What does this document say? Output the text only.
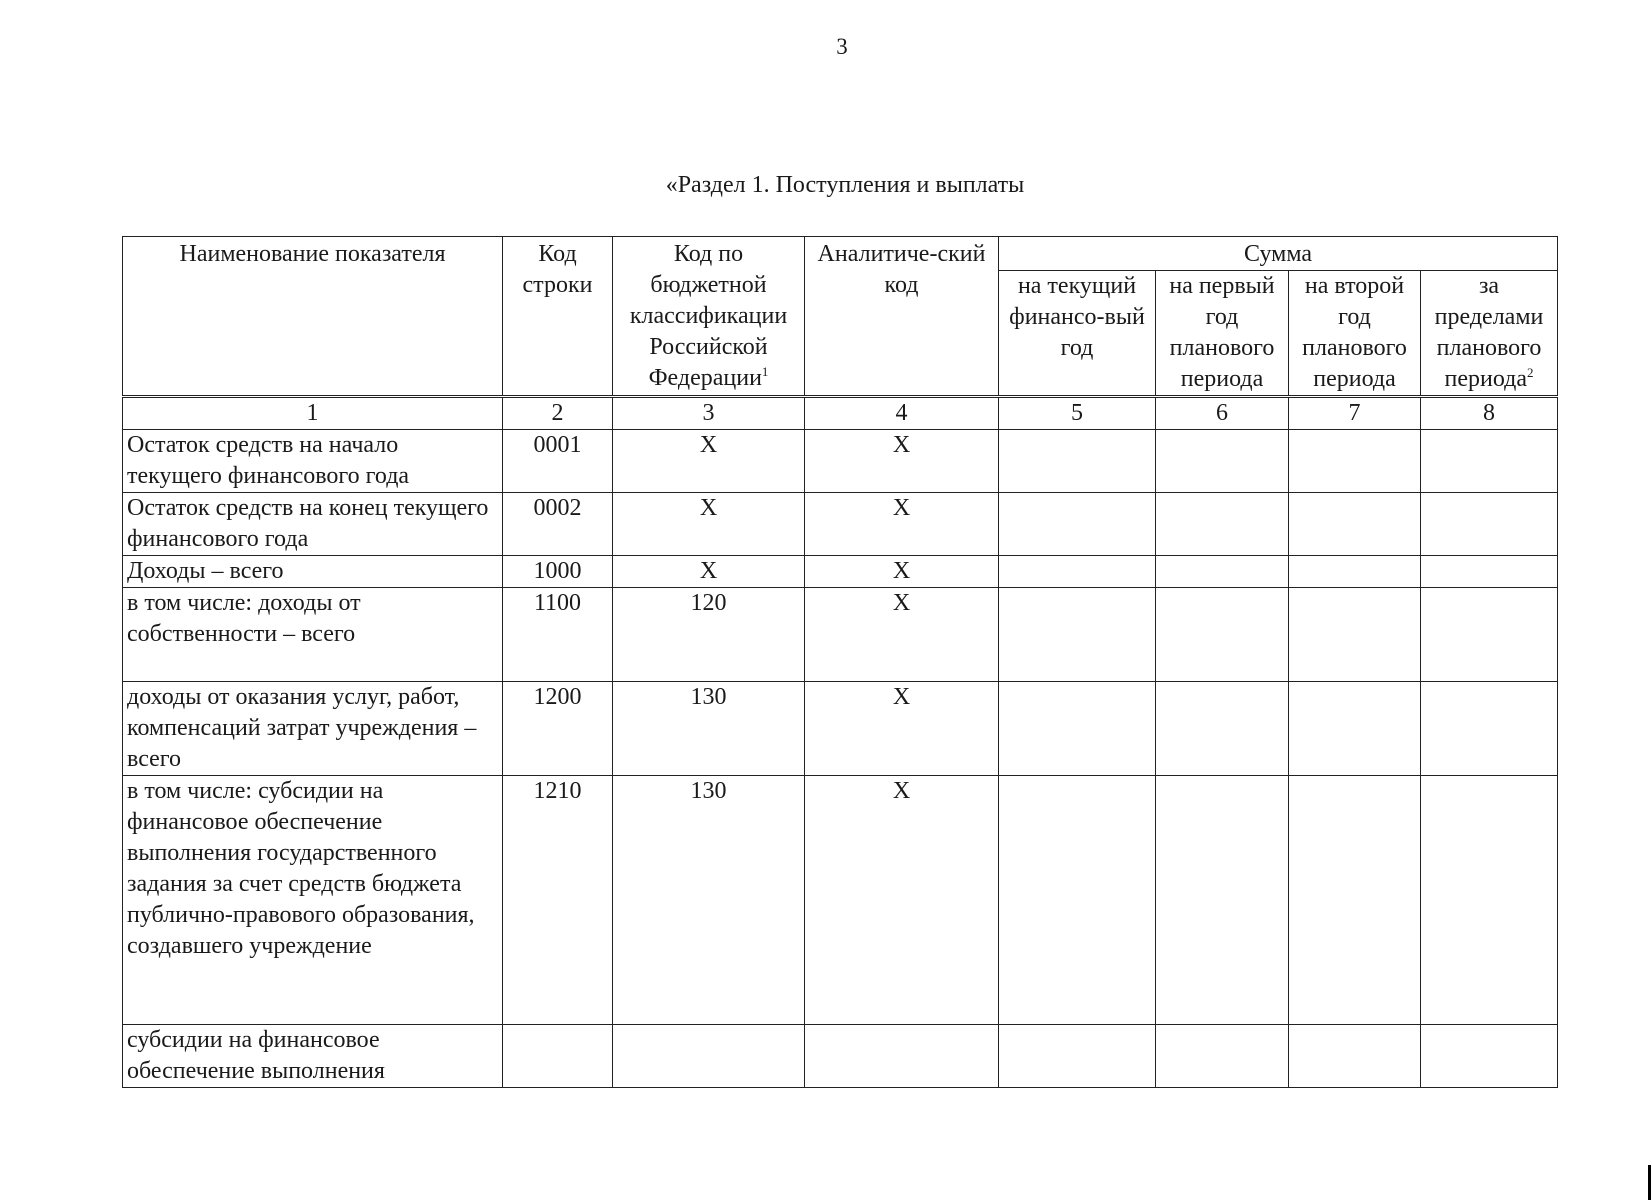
3
«Раздел 1. Поступления и выплаты
Наименование показателя	Код строки	Код по бюджетной классификации Российской Федерации$^1$	Аналитиче-ский код	Сумма			
				на текущий финансо-вый год	на первый год планового периода	на второй год планового периода	за пределами планового периода$^2$
1	2	3	4	5	6	7	8
Остаток средств на начало текущего финансового года	0001	X	X				
Остаток средств на конец текущего финансового года	0002	X	X				
Доходы – всего	1000	X	X				
в том числе: доходы от собственности – всего	1100	120	X				
доходы от оказания услуг, работ, компенсаций затрат учреждения – всего	1200	130	X				
в том числе: субсидии на финансовое обеспечение выполнения государственного задания за счет средств бюджета публично-правового образования, создавшего учреждение	1210	130	X				
субсидии на финансовое обеспечение выполнения							
